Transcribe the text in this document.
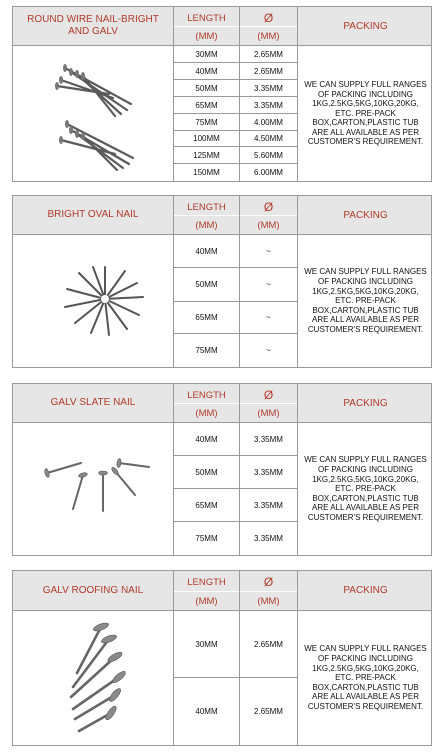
ROUND WIRE NAIL-BRIGHT AND GALV
LENGTH
(MM)
Ø
(MM)
PACKING
30MM
40MM
50MM
65MM
75MM
100MM
125MM
150MM
2.65MM
2.65MM
3.35MM
3.35MM
4.00MM
4.50MM
5.60MM
6.00MM
WE CAN SUPPLY FULL RANGES OF PACKING INCLUDING 1KG,2.5KG,5KG,10KG,20KG, ETC. PRE-PACK BOX,CARTON,PLASTIC TUB ARE ALL AVAILABLE AS PER CUSTOMER'S REQUIREMENT.
BRIGHT OVAL NAIL
LENGTH
(MM)
Ø
(MM)
PACKING
40MM
50MM
65MM
75MM
~
~
~
~
WE CAN SUPPLY FULL RANGES OF PACKING INCLUDING 1KG,2.5KG,5KG,10KG,20KG, ETC. PRE-PACK BOX,CARTON,PLASTIC TUB ARE ALL AVAILABLE AS PER CUSTOMER'S REQUIREMENT.
GALV SLATE NAIL
LENGTH
(MM)
Ø
(MM)
PACKING
40MM
50MM
65MM
75MM
3.35MM
3.35MM
3.35MM
3.35MM
WE CAN SUPPLY FULL RANGES OF PACKING INCLUDING 1KG,2.5KG,5KG,10KG,20KG, ETC. PRE-PACK BOX,CARTON,PLASTIC TUB ARE ALL AVAILABLE AS PER CUSTOMER'S REQUIREMENT.
GALV ROOFING NAIL
LENGTH
(MM)
Ø
(MM)
PACKING
30MM
40MM
2.65MM
2.65MM
WE CAN SUPPLY FULL RANGES OF PACKING INCLUDING 1KG,2.5KG,5KG,10KG,20KG, ETC. PRE-PACK BOX,CARTON,PLASTIC TUB ARE ALL AVAILABLE AS PER CUSTOMER'S REQUIREMENT.
